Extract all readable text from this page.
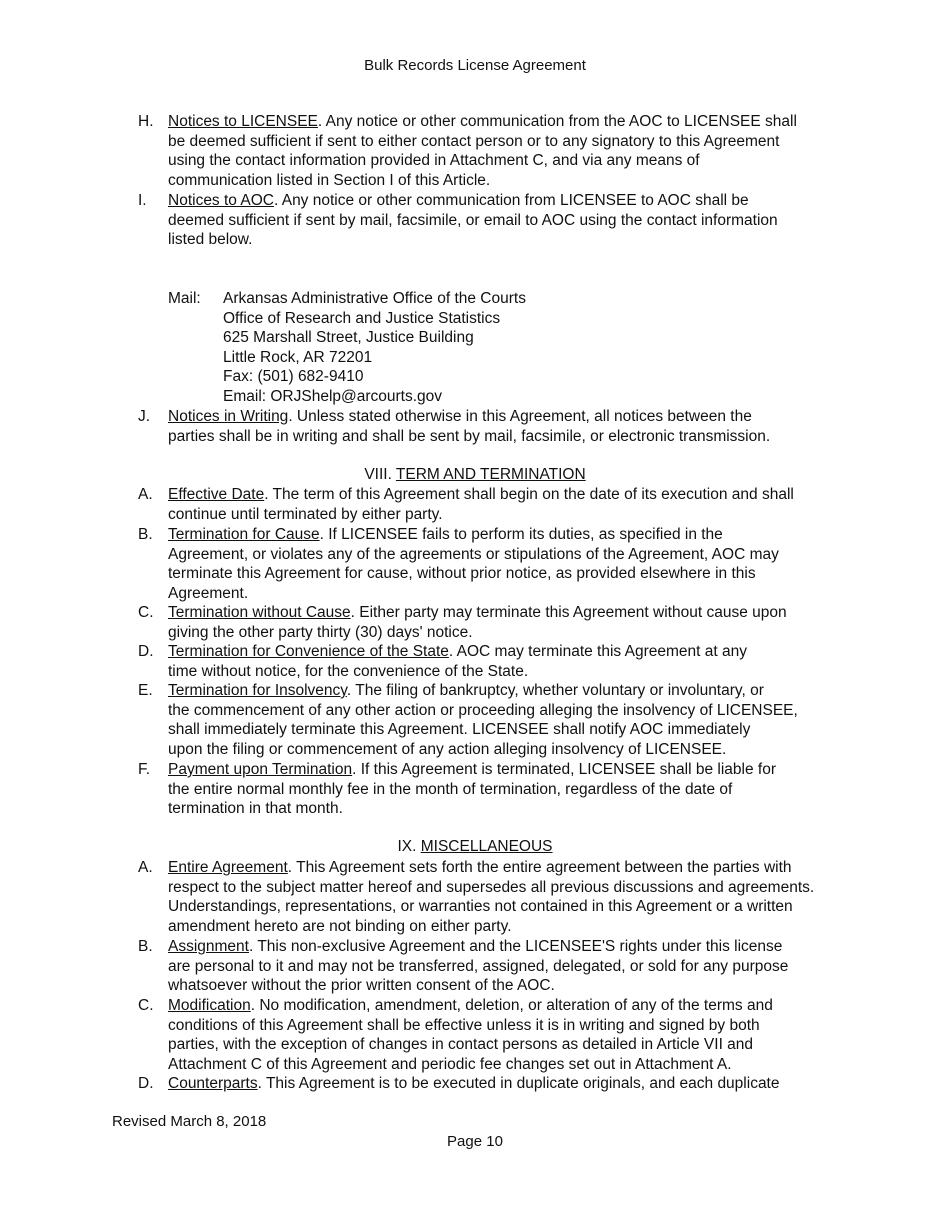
Bulk Records License Agreement
H. Notices to LICENSEE. Any notice or other communication from the AOC to LICENSEE shall
be deemed sufficient if sent to either contact person or to any signatory to this Agreement
using the contact information provided in Attachment C, and via any means of
communication listed in Section I of this Article.
I.	Notices to AOC. Any notice or other communication from LICENSEE to AOC shall be
deemed sufficient if sent by mail, facsimile, or email to AOC using the contact information
listed below.
Mail: Arkansas Administrative Office of the Courts
Office of Research and Justice Statistics
625 Marshall Street, Justice Building
Little Rock, AR 72201
Fax: (501) 682-9410
Email: ORJShelp@arcourts.gov
J.	Notices in Writing. Unless stated otherwise in this Agreement, all notices between the
parties shall be in writing and shall be sent by mail, facsimile, or electronic transmission.
VIII. TERM AND TERMINATION
A. Effective Date. The term of this Agreement shall begin on the date of its execution and shall
continue until terminated by either party.
B. Termination for Cause. If LICENSEE fails to perform its duties, as specified in the
Agreement, or violates any of the agreements or stipulations of the Agreement, AOC may
terminate this Agreement for cause, without prior notice, as provided elsewhere in this
Agreement.
C. Termination without Cause. Either party may terminate this Agreement without cause upon
giving the other party thirty (30) days' notice.
D. Termination for Convenience of the State. AOC may terminate this Agreement at any
time without notice, for the convenience of the State.
E. Termination for Insolvency. The filing of bankruptcy, whether voluntary or involuntary, or
the commencement of any other action or proceeding alleging the insolvency of LICENSEE,
shall immediately terminate this Agreement. LICENSEE shall notify AOC immediately
upon the filing or commencement of any action alleging insolvency of LICENSEE.
F.	Payment upon Termination. If this Agreement is terminated, LICENSEE shall be liable for
the entire normal monthly fee in the month of termination, regardless of the date of
termination in that month.
IX. MISCELLANEOUS
A. Entire Agreement. This Agreement sets forth the entire agreement between the parties with
respect to the subject matter hereof and supersedes all previous discussions and agreements.
Understandings, representations, or warranties not contained in this Agreement or a written
amendment hereto are not binding on either party.
B. Assignment. This non-exclusive Agreement and the LICENSEE'S rights under this license
are personal to it and may not be transferred, assigned, delegated, or sold for any purpose
whatsoever without the prior written consent of the AOC.
C. Modification. No modification, amendment, deletion, or alteration of any of the terms and
conditions of this Agreement shall be effective unless it is in writing and signed by both
parties, with the exception of changes in contact persons as detailed in Article VII and
Attachment C of this Agreement and periodic fee changes set out in Attachment A.
D. Counterparts. This Agreement is to be executed in duplicate originals, and each duplicate
Revised March 8, 2018
Page 10
